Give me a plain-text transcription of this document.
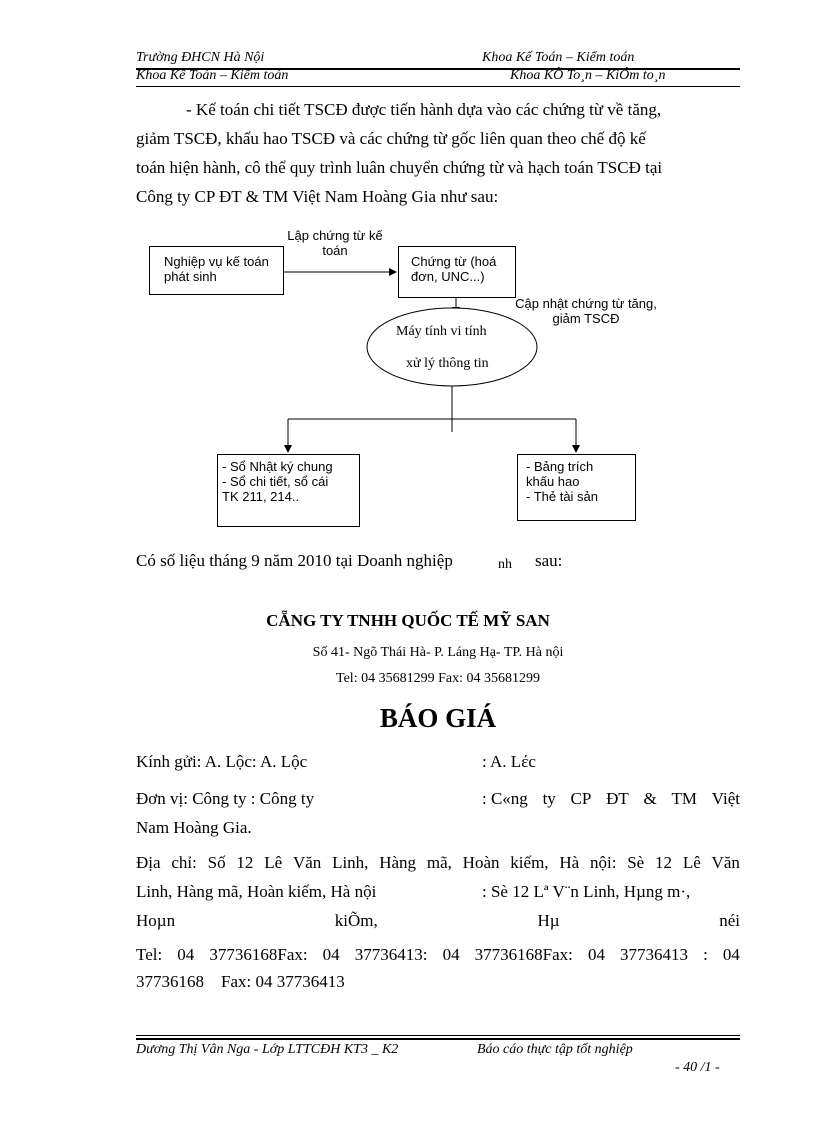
Trường ĐHCN Hà Nội	Khoa Kế Toán – Kiểm toán
Khoa Kế Toán – Kiểm toán	Khoa KÕ To¸n – KiÓm to¸n
- Kế toán chi tiết TSCĐ được tiến hành dựa vào các chứng từ về tăng,
giảm TSCĐ, khấu hao TSCĐ và các chứng từ gốc liên quan theo chế độ kế
toán hiện hành, cô thể quy trình luân chuyển chứng từ và hạch toán TSCĐ tại
Công ty CP ĐT & TM Việt Nam Hoàng Gia như sau:
Nghiệp vụ kế toán phát sinh
Lập chứng từ kế toán
Chứng từ (hoá đơn, UNC...)
Cập nhật chứng từ tăng, giảm TSCĐ
Máy tính vi tính
xử lý thông tin
- Sổ Nhật ký chung
- Sổ chi tiết, sổ cái
TK 211, 214..
- Bảng trích
khấu hao
- Thẻ tài sản
Có số liệu tháng 9 năm 2010 tại Doanh nghiệp	nh sau:
CẴNG TY TNHH QUỐC TẾ MỸ SAN
Số 41- Ngõ Thái Hà- P. Láng Hạ- TP. Hà nội
Tel: 04 35681299 Fax: 04 35681299
BÁO GIÁ
Kính gửi: A. Lộc: A. Lộc	: A. Lέc
Đơn vị: Công ty : Công ty	: C«ng ty CP ĐT & TM Việt
Nam Hoàng Gia.
Địa chỉ: Số 12 Lê Văn Linh, Hàng mã, Hoàn kiếm, Hà nội: Sè 12 Lê Văn
Linh, Hàng mã, Hoàn kiếm, Hà nội	: Sè 12 Lª V¨n Linh, Hµng m·,
Hoµn	kiÕm,	Hµ	néi
Tel: 04 37736168Fax: 04 37736413: 04 37736168Fax: 04 37736413 : 04
37736168    Fax: 04 37736413
Dương Thị Vân Nga - Lớp LTTCĐH KT3 _ K2	Báo cáo thực tập tốt nghiệp
- 40 /1 -
